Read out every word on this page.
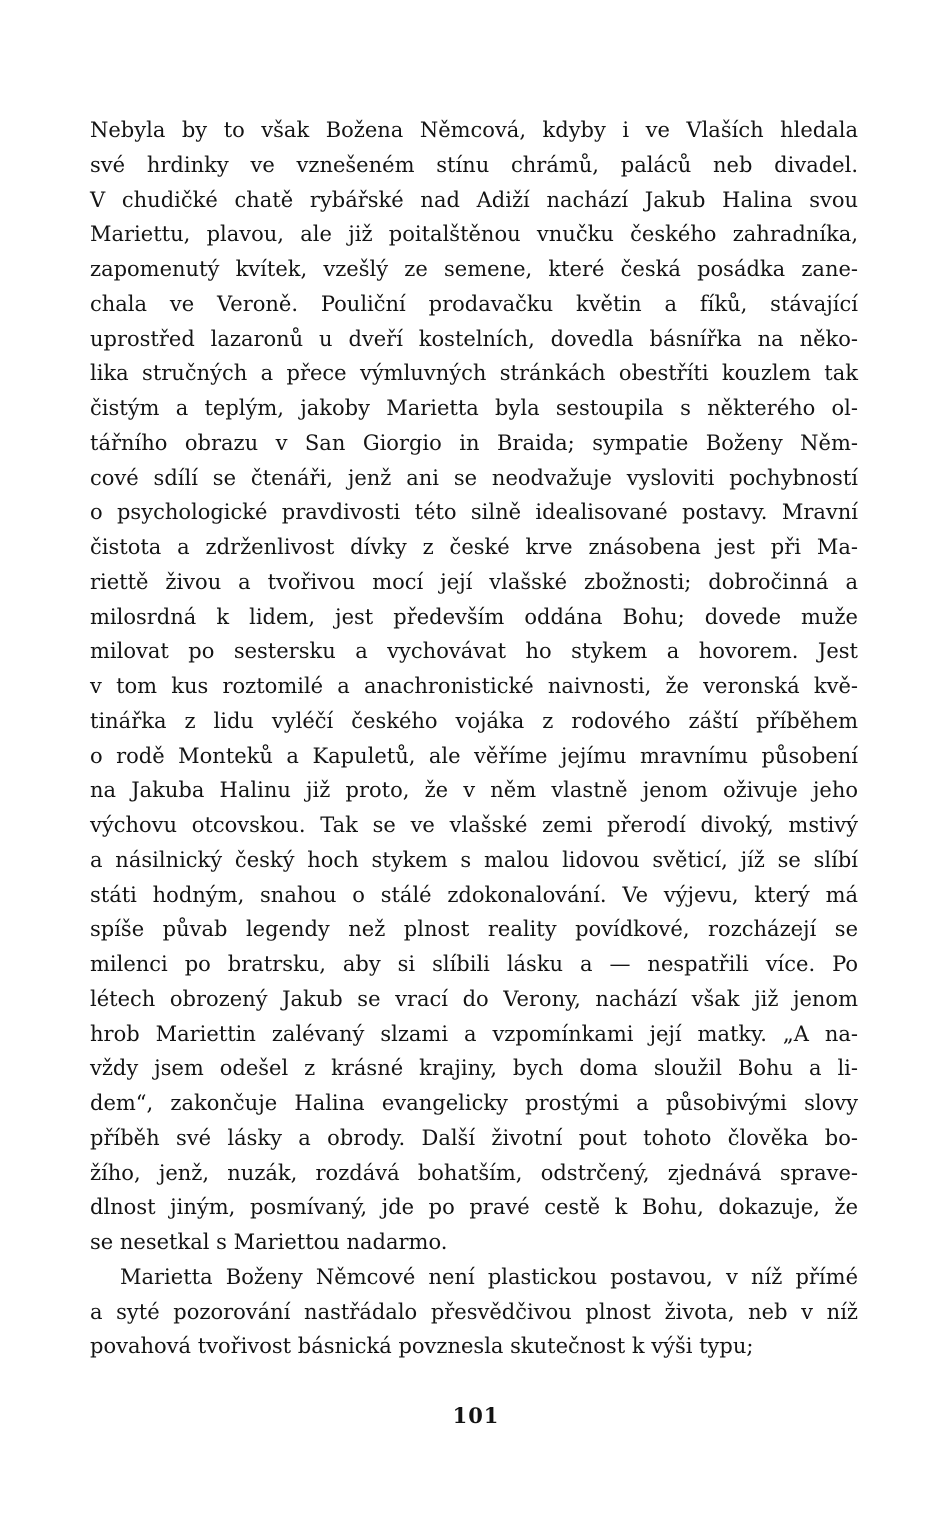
Nebyla by to však Božena Němcová, kdyby i ve Vlaších hledala
své hrdinky ve vznešeném stínu chrámů, paláců neb divadel.
V chudičké chatě rybářské nad Adiží nachází Jakub Halina svou
Mariettu, plavou, ale již poitalštěnou vnučku českého zahradníka,
zapomenutý kvítek, vzešlý ze semene, které česká posádka zane-
chala ve Veroně. Pouliční prodavačku květin a fíků, stávající
uprostřed lazaronů u dveří kostelních, dovedla básnířka na něko-
lika stručných a přece výmluvných stránkách obestříti kouzlem tak
čistým a teplým, jakoby Marietta byla sestoupila s některého ol-
tářního obrazu v San Giorgio in Braida; sympatie Boženy Něm-
cové sdílí se čtenáři, jenž ani se neodvažuje vysloviti pochybností
o psychologické pravdivosti této silně idealisované postavy. Mravní
čistota a zdrženlivost dívky z české krve znásobena jest při Ma-
riettě živou a tvořivou mocí její vlašské zbožnosti; dobročinná a
milosrdná k lidem, jest především oddána Bohu; dovede muže
milovat po sestersku a vychovávat ho stykem a hovorem. Jest
v tom kus roztomilé a anachronistické naivnosti, že veronská kvě-
tinářka z lidu vyléčí českého vojáka z rodového záští příběhem
o rodě Monteků a Kapuletů, ale věříme jejímu mravnímu působení
na Jakuba Halinu již proto, že v něm vlastně jenom oživuje jeho
výchovu otcovskou. Tak se ve vlašské zemi přerodí divoký, mstivý
a násilnický český hoch stykem s malou lidovou světicí, jíž se slíbí
státi hodným, snahou o stálé zdokonalování. Ve výjevu, který má
spíše půvab legendy než plnost reality povídkové, rozcházejí se
milenci po bratrsku, aby si slíbili lásku a — nespatřili více. Po
létech obrozený Jakub se vrací do Verony, nachází však již jenom
hrob Mariettin zalévaný slzami a vzpomínkami její matky. „A na-
vždy jsem odešel z krásné krajiny, bych doma sloužil Bohu a li-
dem“, zakončuje Halina evangelicky prostými a působivými slovy
příběh své lásky a obrody. Další životní pout tohoto člověka bo-
žího, jenž, nuzák, rozdává bohatším, odstrčený, zjednává sprave-
dlnost jiným, posmívaný, jde po pravé cestě k Bohu, dokazuje, že
se nesetkal s Mariettou nadarmo.
Marietta Boženy Němcové není plastickou postavou, v níž přímé
a syté pozorování nastřádalo přesvědčivou plnost života, neb v níž
povahová tvořivost básnická povznesla skutečnost k výši typu;
101
